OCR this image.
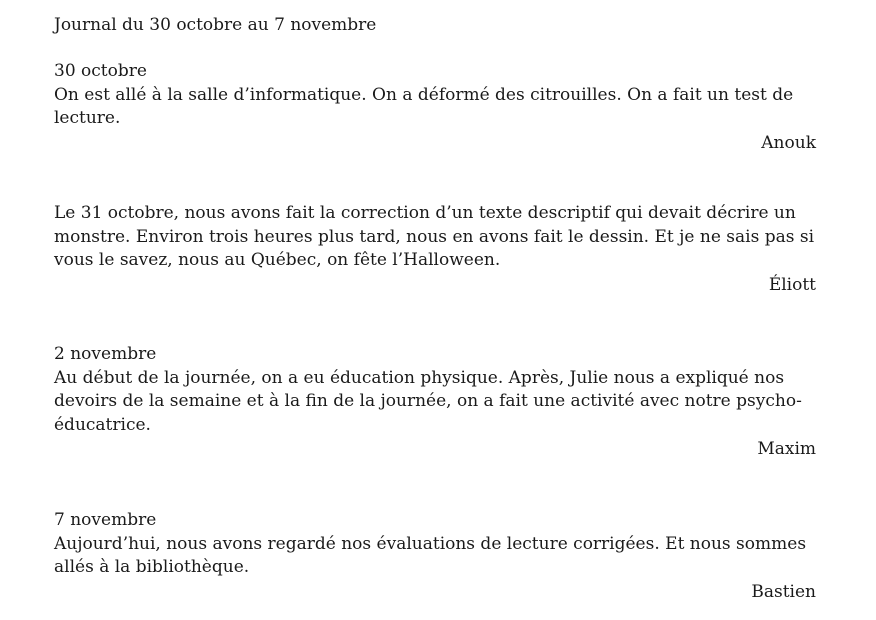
Journal du 30 octobre au 7 novembre
30 octobre
On est allé à la salle d’informatique. On a déformé des citrouilles. On a fait un test de
lecture.
Anouk
Le 31 octobre, nous avons fait la correction d’un texte descriptif qui devait décrire un
monstre. Environ trois heures plus tard, nous en avons fait le dessin. Et je ne sais pas si
vous le savez, nous au Québec, on fête l’Halloween.
Éliott
2 novembre
Au début de la journée, on a eu éducation physique. Après, Julie nous a expliqué nos
devoirs de la semaine et à la fin de la journée, on a fait une activité avec notre psycho-
éducatrice.
Maxim
7 novembre
Aujourd’hui, nous avons regardé nos évaluations de lecture corrigées. Et nous sommes
allés à la bibliothèque.
Bastien
